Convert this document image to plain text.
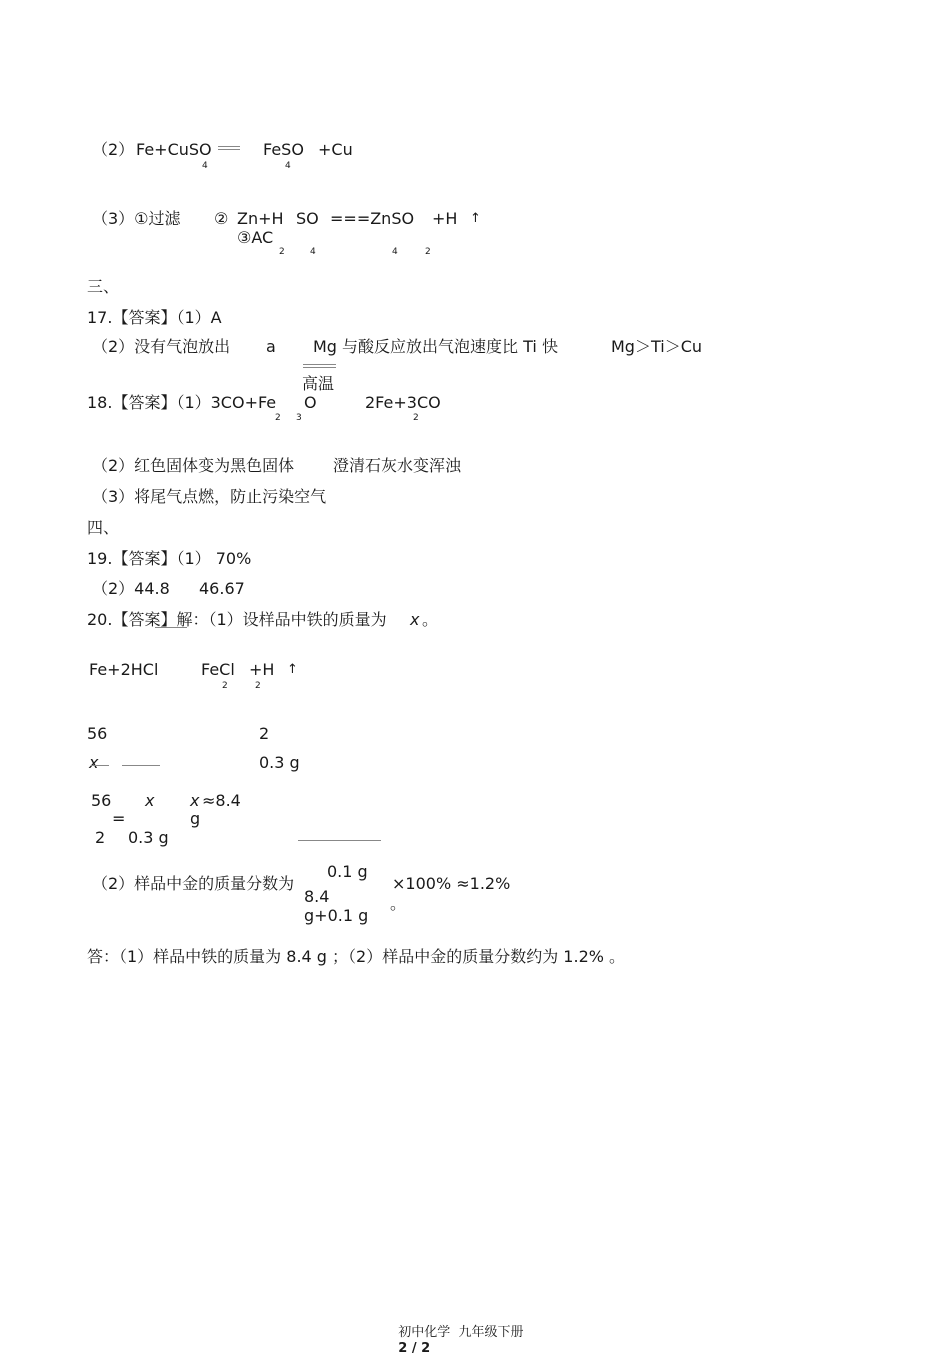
（2） Fe+CuSO
4
FeSO
4
+Cu
（3）①过滤 ② Zn+H
2
SO
4
===ZnSO
4
+H
2
↑
③AC
三、
17.【答案】（1）A
（2）没有气泡放出 a Mg 与酸反应放出气泡速度比 Ti 快	Mg＞Ti＞Cu
高温
18.【答案】（1）3CO+Fe
2
O
3
2Fe+3CO
2
（2）红色固体变为黑色固体 澄清石灰水变浑浊
（3）将尾气点燃，防止污染空气
四、
19.【答案】（1） 70%
（2）44.8 46.67
20.【答案】解：（1）设样品中铁的质量为 x 。
Fe+2HCl	FeCl
2
+H
2
↑
56	2
x	0.3 g
56 x
=
2 0.3 g
x ≈8.4
g
0.1 g
（2）样品中金的质量分数为	×100% ≈1.2%
8.4	。
g+0.1 g
答：（1）样品中铁的质量为 8.4 g ；（2）样品中金的质量分数约为 1.2% 。

初中化学  九年级下册
2 / 2
